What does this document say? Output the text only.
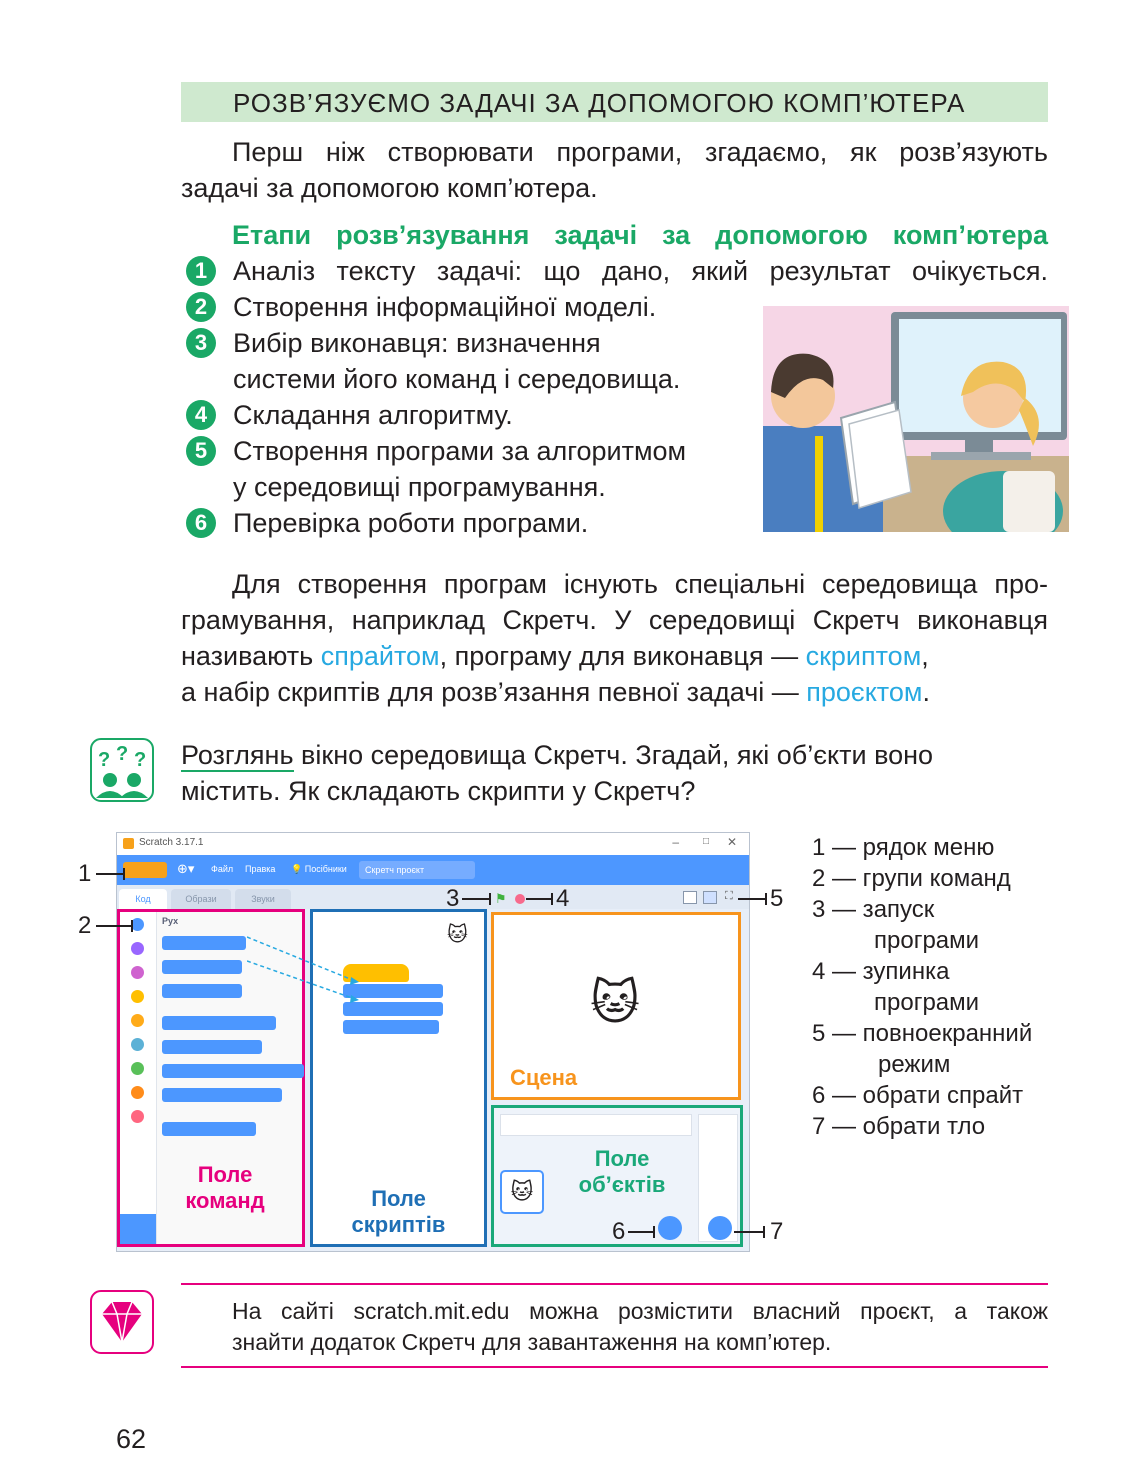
РОЗВ’ЯЗУЄМО ЗАДАЧІ ЗА ДОПОМОГОЮ КОМП’ЮТЕРА
Перш ніж створювати програми, згадаємо, як розв’язують
задачі за допомогою комп’ютера.
Етапи розв’язування задачі за допомогою комп’ютера
1 Аналіз тексту задачі: що дано, який результат очікується.
2 Створення інформаційної моделі.
3 Вибір виконавця: визначення
системи його команд і середовища.
4 Складання алгоритму.
5 Створення програми за алгоритмом
у середовищі програмування.
6 Перевірка роботи програми.
Для створення програм існують спеціальні середовища про-
грамування, наприклад Скретч. У середовищі Скретч виконавця
називають спрайтом, програму для виконавця — скриптом,
а набір скриптів для розв’язання певної задачі — проєктом.
? ? ? Розглянь вікно середовища Скретч. Згадай, які об’єкти воно
містить. Як складають скрипти у Скретч?
Scratch 3.17.1	– □ ✕
⊕▾ Файл Правка 💡 Посібники	Скретч проєкт
Код	Образи	Звуки	⚑	⛶
Рух
Поле
команд
🐱
Поле
скриптів
🐱
Сцена
🐱
Поле
об’єктів
1
2
3	4	5
6	7
1 — рядок меню
2 — групи команд
3 — запуск
програми
4 — зупинка
програми
5 — повноекранний
режим
6 — обрати спрайт
7 — обрати тло
На сайті scratch.mit.edu можна розмістити власний проєкт, а також
знайти додаток Скретч для завантаження на комп’ютер.
62
